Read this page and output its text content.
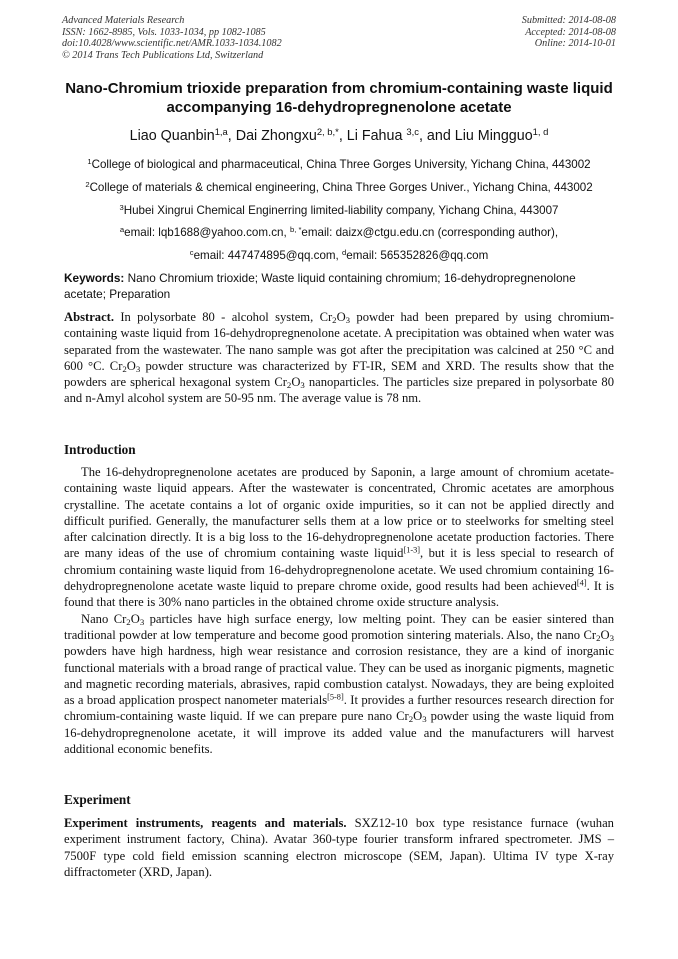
Advanced Materials Research
ISSN: 1662-8985, Vols. 1033-1034, pp 1082-1085
doi:10.4028/www.scientific.net/AMR.1033-1034.1082
© 2014 Trans Tech Publications Ltd, Switzerland
Submitted: 2014-08-08
Accepted: 2014-08-08
Online: 2014-10-01
Nano-Chromium trioxide preparation from chromium-containing waste liquid accompanying 16-dehydropregnenolone acetate
Liao Quanbin$^{1,a}$, Dai Zhongxu$^{2, b,*}$, Li Fahua $^{3,c}$, and Liu Mingguo$^{1, d}$
$^1$College of biological and pharmaceutical, China Three Gorges University, Yichang China, 443002
$^2$College of materials & chemical engineering, China Three Gorges Univer., Yichang China, 443002
$^3$Hubei Xingrui Chemical Enginerring limited-liability company, Yichang China, 443007
$^a$email: lqb1688@yahoo.com.cn, $^{b, *}$email: daizx@ctgu.edu.cn (corresponding author),
$^c$email: 447474895@qq.com, $^d$email: 565352826@qq.com
Keywords: Nano Chromium trioxide; Waste liquid containing chromium; 16-dehydropregnenolone acetate; Preparation
Abstract. In polysorbate 80 - alcohol system, $Cr_2O_3$ powder had been prepared by using chromium-containing waste liquid from 16-dehydropregnenolone acetate. A precipitation was obtained when water was separated from the wastewater. The nano sample was got after the precipitation was calcined at 250 °C and 600 °C. $Cr_2O_3$ powder structure was characterized by FT-IR, SEM and XRD. The results show that the powders are spherical hexagonal system $Cr_2O_3$ nanoparticles. The particles size prepared in polysorbate 80 and n-Amyl alcohol system are 50-95 nm. The average value is 78 nm.
Introduction

The 16-dehydropregnenolone acetates are produced by Saponin, a large amount of chromium acetate-containing waste liquid appears. After the wastewater is concentrated, Chromic acetates are amorphous crystalline. The acetate contains a lot of organic oxide impurities, so it can not be applied directly and difficult purified. Generally, the manufacturer sells them at a low price or to steelworks for smelting steel after calcination directly. It is a big loss to the 16-dehydropregnenolone acetate production factories. There are many ideas of the use of chromium containing waste liquid[1-3], but it is less special to research of chromium containing waste liquid from 16-dehydropregnenolone acetate. We used chromium containing 16-dehydropregnenolone acetate waste liquid to prepare chrome oxide, good results had been achieved[4]. It is found that there is 30% nano particles in the obtained chrome oxide structure analysis.

Nano $Cr_2O_3$ particles have high surface energy, low melting point. They can be easier sintered than traditional powder at low temperature and become good promotion sintering materials. Also, the nano $Cr_2O_3$ powders have high hardness, high wear resistance and corrosion resistance, they are a kind of inorganic functional materials with a broad range of practical value. They can be used as inorganic pigments, magnetic and magnetic recording materials, abrasives, rapid combustion catalyst. Nowadays, they are being exploited as a broad application prospect nanometer materials[5-8]. It provides a further resources research direction for chromium-containing waste liquid. If we can prepare pure nano $Cr_2O_3$ powder using the waste liquid from 16-dehydropregnenolone acetate, it will improve its added value and the manufacturers will harvest additional economic benefits.

Experiment
Experiment instruments, reagents and materials. SXZ12-10 box type resistance furnace (wuhan experiment instrument factory, China). Avatar 360-type fourier transform infrared spectrometer. JMS – 7500F type cold field emission scanning electron microscope (SEM, Japan). Ultima IV type X-ray diffractometer (XRD, Japan).
